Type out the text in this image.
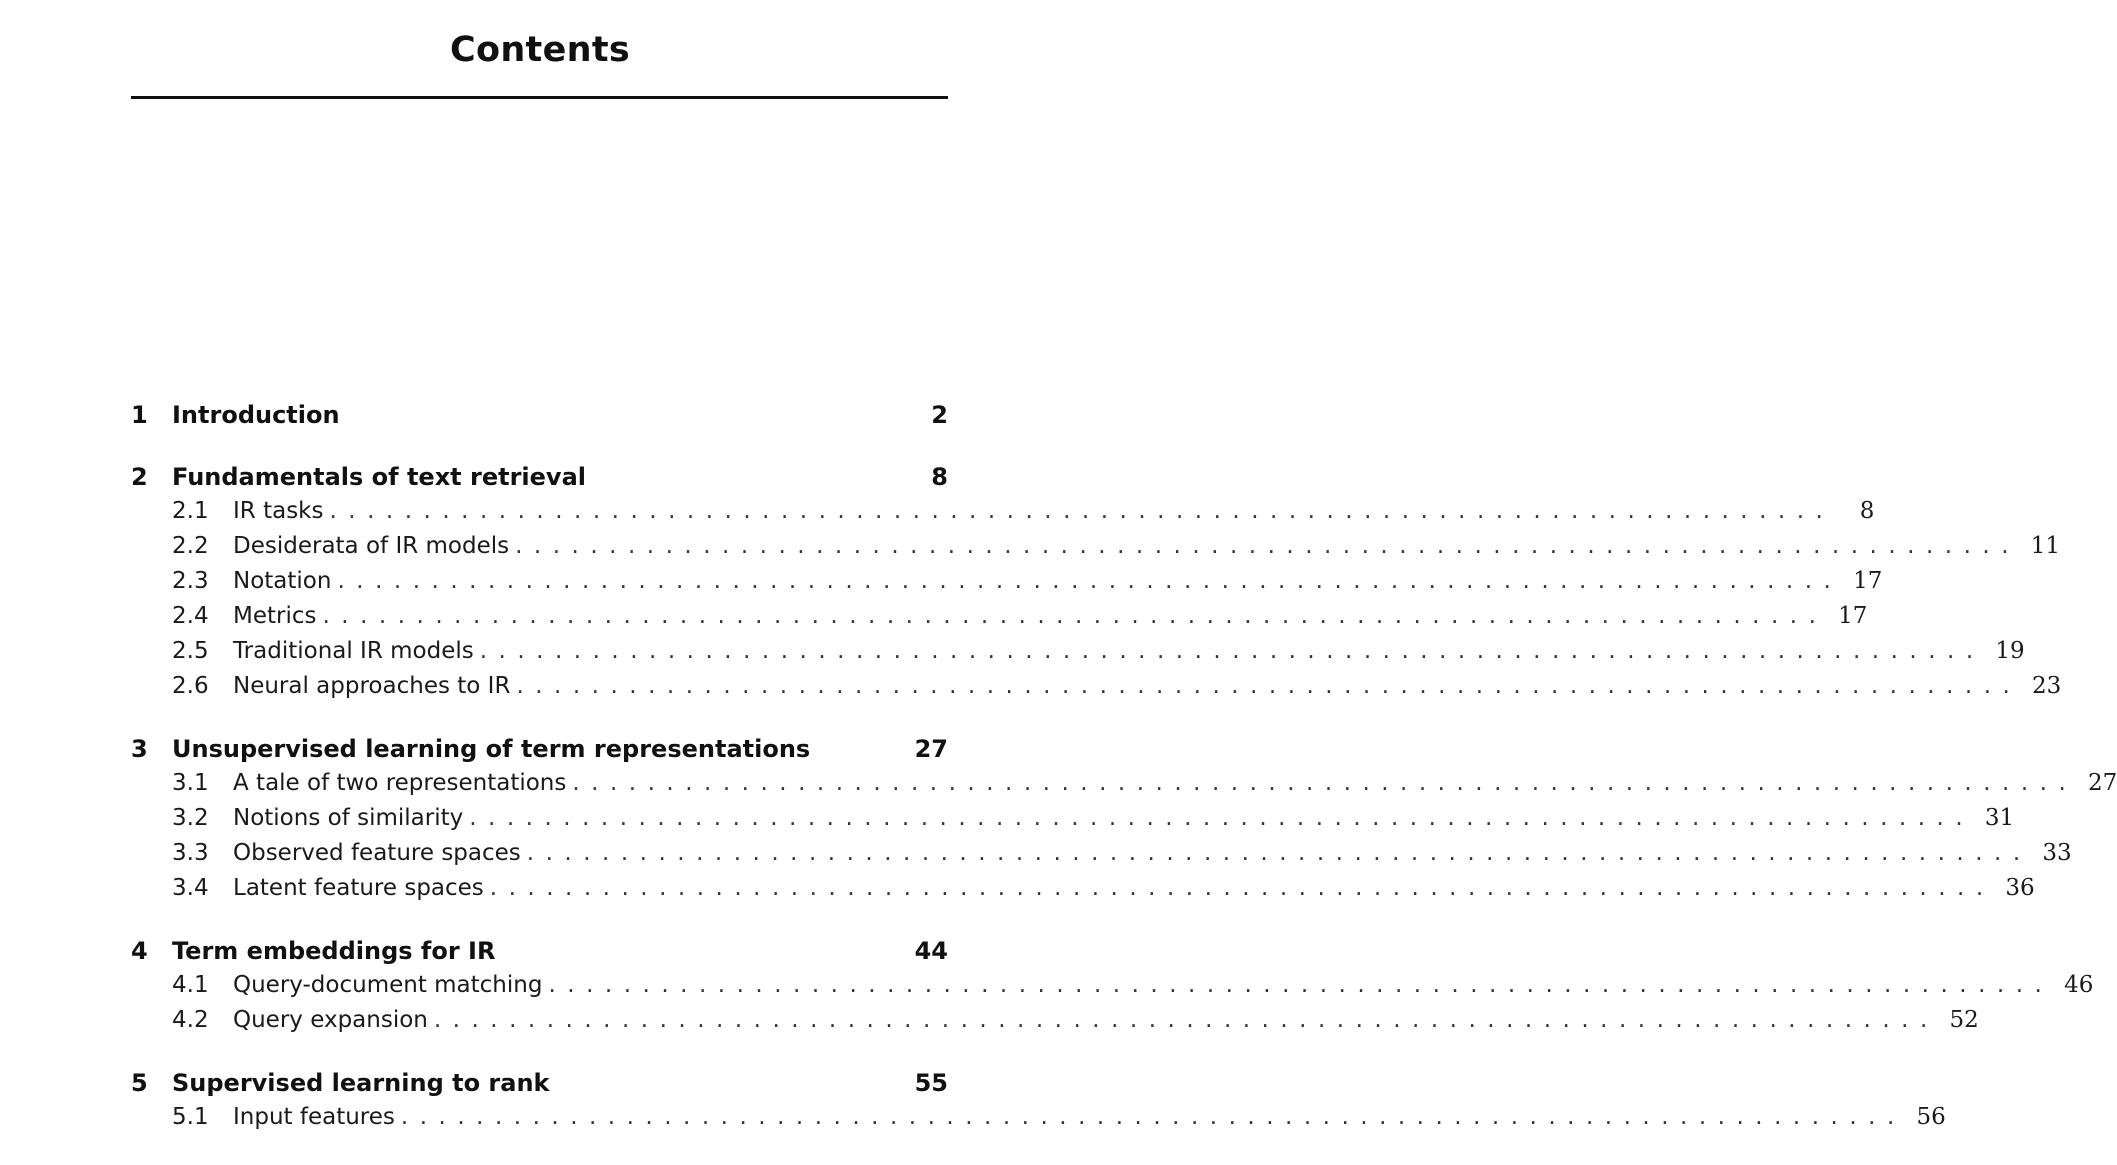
Contents
1	Introduction	2
2	Fundamentals of text retrieval	8
2.1	IR tasks ................................................................................	8
2.2	Desiderata of IR models ................................................................................ 11
2.3	Notation ................................................................................ 17
2.4	Metrics ................................................................................ 17
2.5	Traditional IR models ................................................................................ 19
2.6	Neural approaches to IR ................................................................................ 23
3	Unsupervised learning of term representations	27
3.1	A tale of two representations ................................................................................ 27
3.2	Notions of similarity ................................................................................ 31
3.3	Observed feature spaces ................................................................................ 33
3.4	Latent feature spaces ................................................................................ 36
4	Term embeddings for IR	44
4.1	Query-document matching ................................................................................ 46
4.2	Query expansion ................................................................................ 52
5	Supervised learning to rank	55
5.1	Input features ................................................................................ 56
